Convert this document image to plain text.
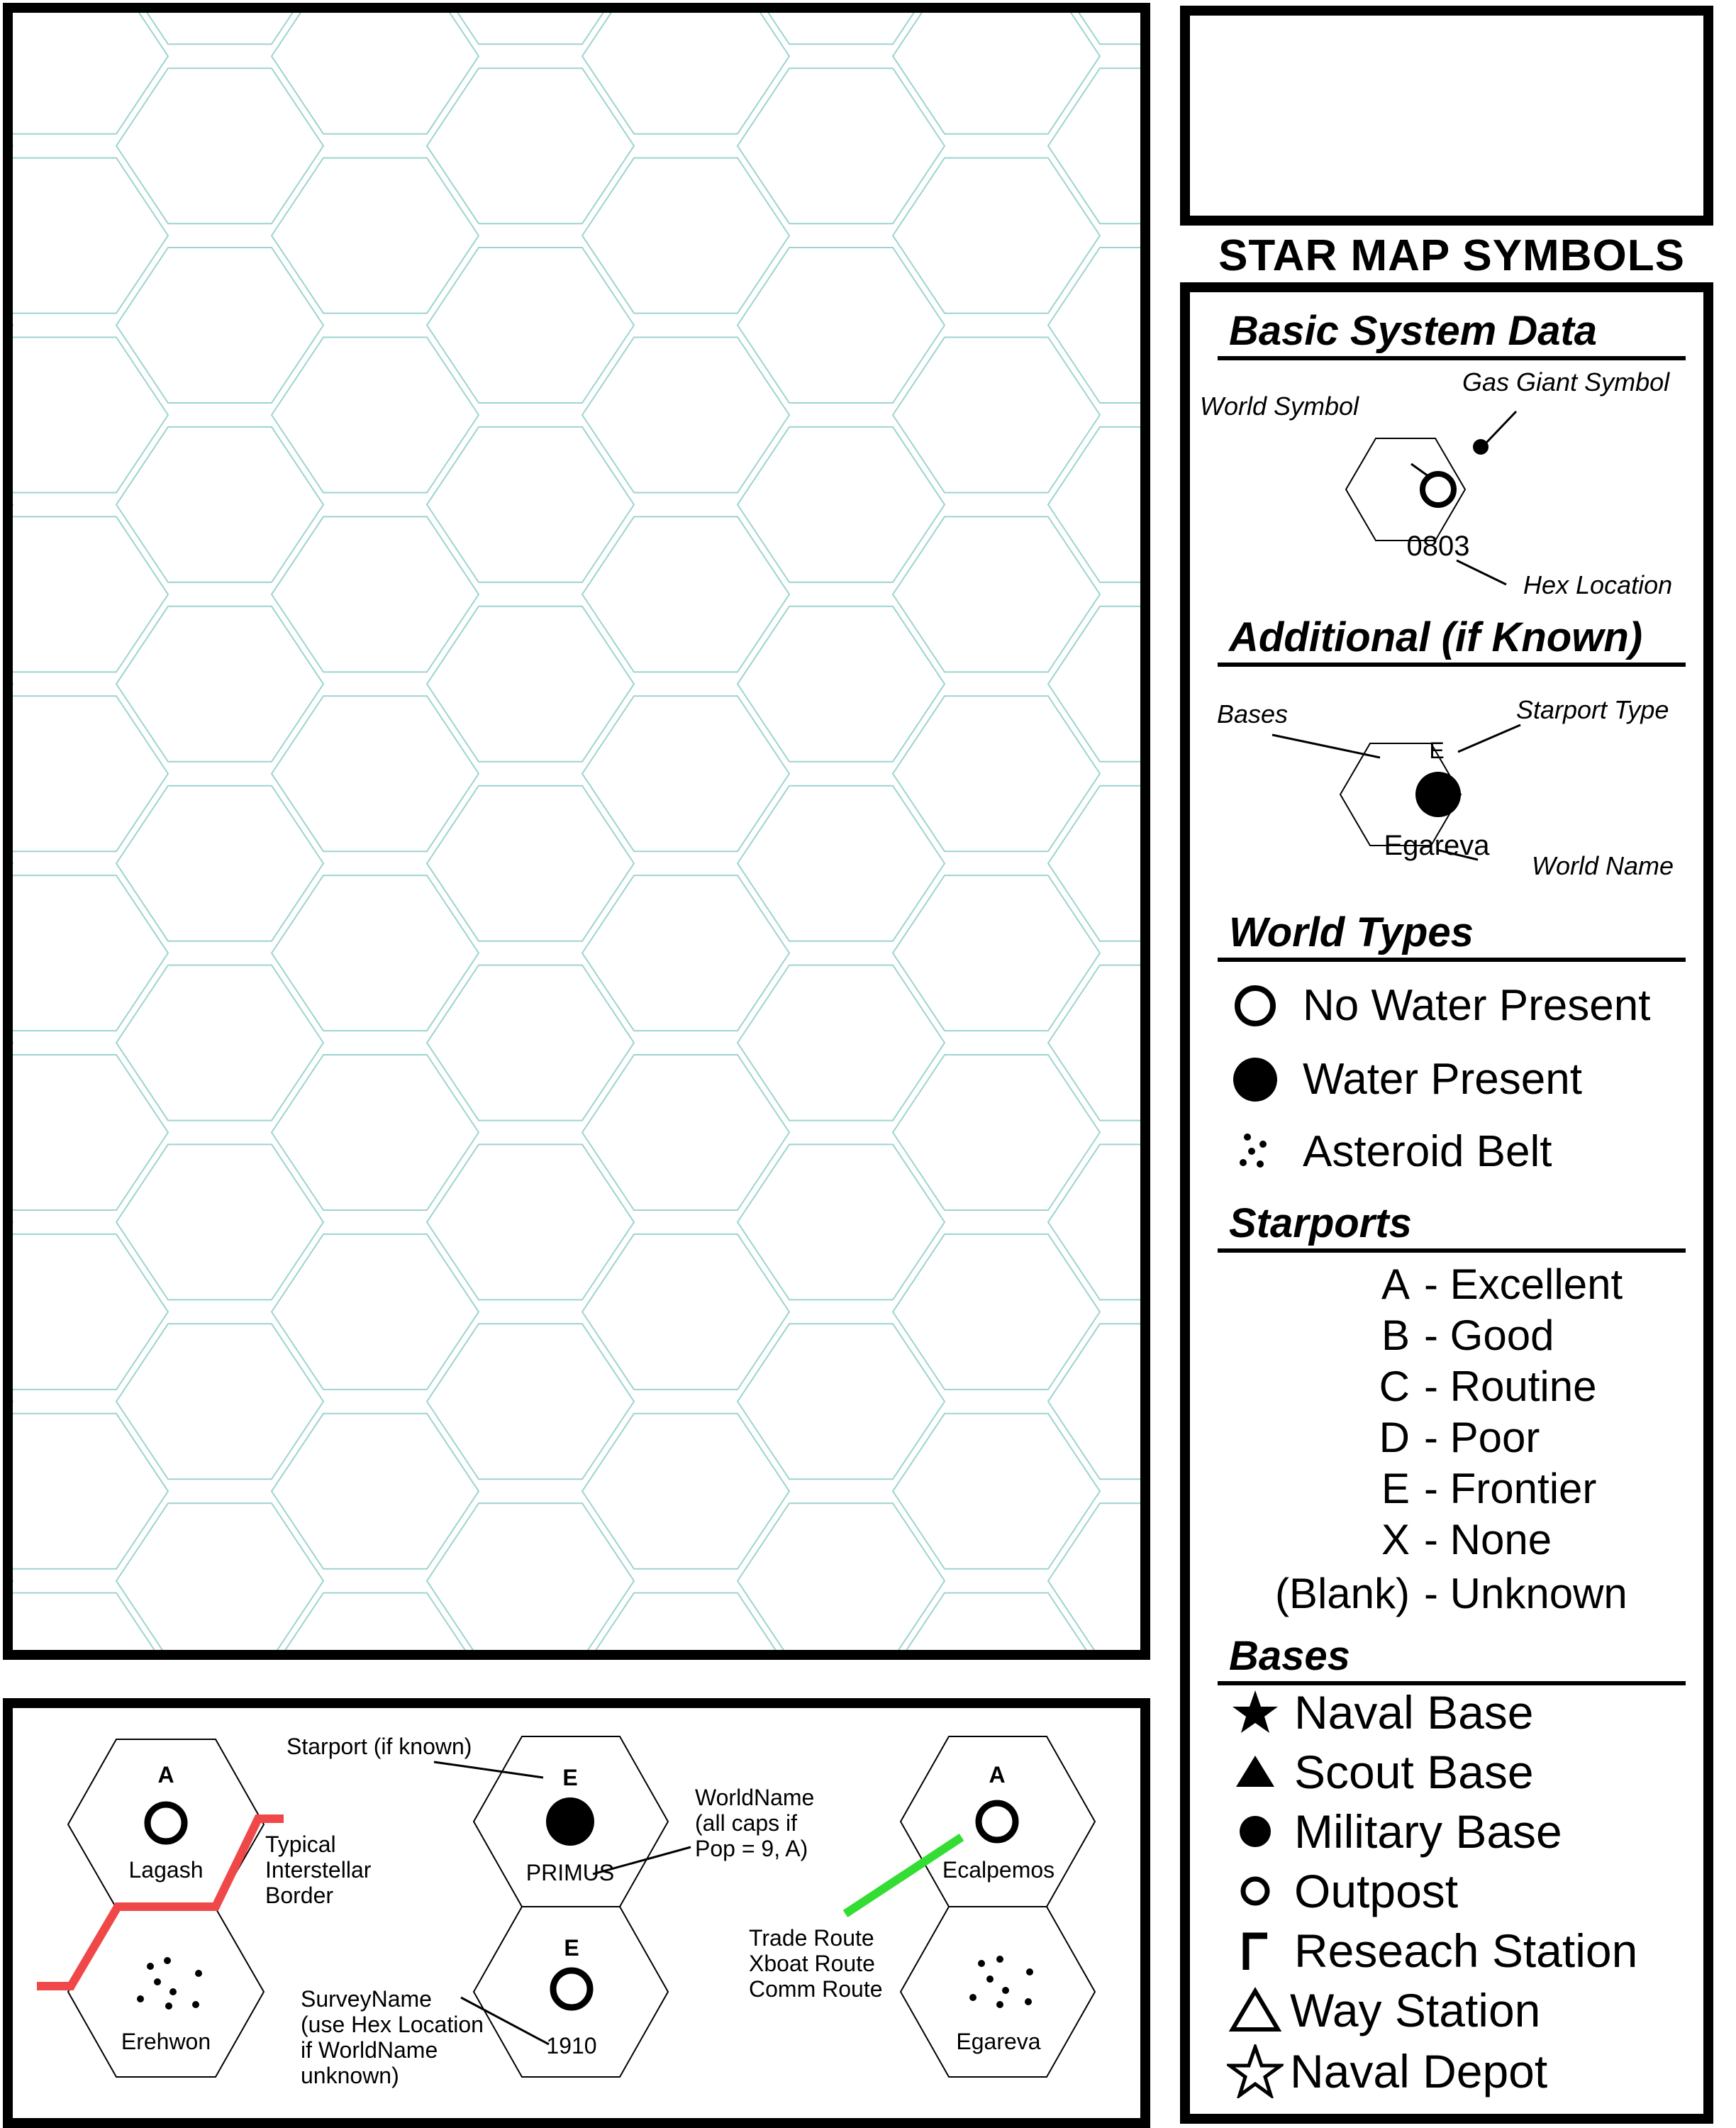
STAR MAP SYMBOLS
Basic System Data
World Symbol
Gas Giant Symbol
0803
Hex Location
Additional (if Known)
Bases	Starport Type
E
Egareva
World Name
World Types
No Water Present
Water Present
Asteroid Belt
Starports
A -
Excellent
B -
Good
C -
Routine
D -
Poor
E -
Frontier
X -
None
(Blank) -
Unknown
Bases
Naval Base
Scout Base
Military Base
Outpost
Reseach Station
Way Station
Naval Depot
A
Lagash
Erehwon
Typical
Interstellar
Border
Starport (if known)
E
PRIMUS
WorldName
(all caps if
Pop = 9, A)
E
1910
SurveyName
(use Hex Location
if WorldName
unknown)
A
Ecalpemos
Egareva
Trade Route
Xboat Route
Comm Route
